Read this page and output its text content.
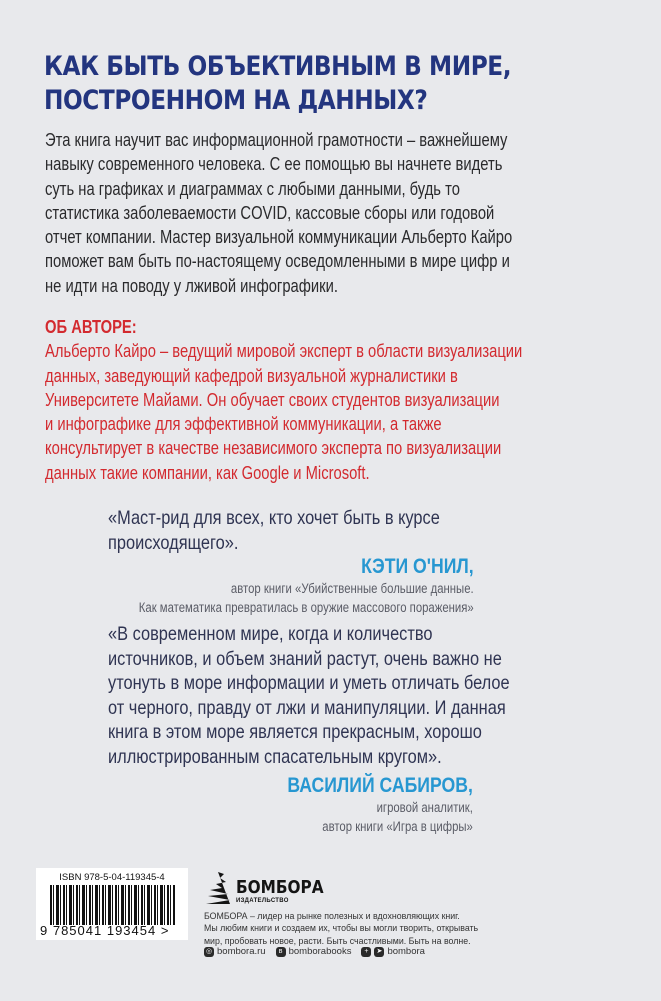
КАК БЫТЬ ОБЪЕКТИВНЫМ В МИРЕ,
ПОСТРОЕННОМ НА ДАННЫХ?
Эта книга научит вас информационной грамотности – важнейшему
навыку современного человека. С ее помощью вы начнете видеть
суть на графиках и диаграммах с любыми данными, будь то
статистика заболеваемости COVID, кассовые сборы или годовой
отчет компании. Мастер визуальной коммуникации Альберто Кайро
поможет вам быть по-настоящему осведомленными в мире цифр и
не идти на поводу у лживой инфографики.
ОБ АВТОРЕ:
Альберто Кайро – ведущий мировой эксперт в области визуализации
данных, заведующий кафедрой визуальной журналистики в
Университете Майами. Он обучает своих студентов визуализации
и инфографике для эффективной коммуникации, а также
консультирует в качестве независимого эксперта по визуализации
данных такие компании, как Google и Microsoft.
«Маст-рид для всех, кто хочет быть в курсе
происходящего».
КЭТИ О'НИЛ,
автор книги «Убийственные большие данные.
Как математика превратилась в оружие массового поражения»
«В современном мире, когда и количество
источников, и объем знаний растут, очень важно не
утонуть в море информации и уметь отличать белое
от черного, правду от лжи и манипуляции. И данная
книга в этом море является прекрасным, хорошо
иллюстрированным спасательным кругом».
ВАСИЛИЙ САБИРОВ,
игровой аналитик,
автор книги «Игра в цифры»
ISBN 978-5-04-119345-4
9 785041 193454 >
БОМБОРА
ИЗДАТЕЛЬСТВО
БОМБОРА – лидер на рынке полезных и вдохновляющих книг.
Мы любим книги и создаем их, чтобы вы могли творить, открывать
мир, пробовать новое, расти. Быть счастливыми. Быть на волне.
◎ bombora.ru	в bomborabooks	+	➤ bombora
